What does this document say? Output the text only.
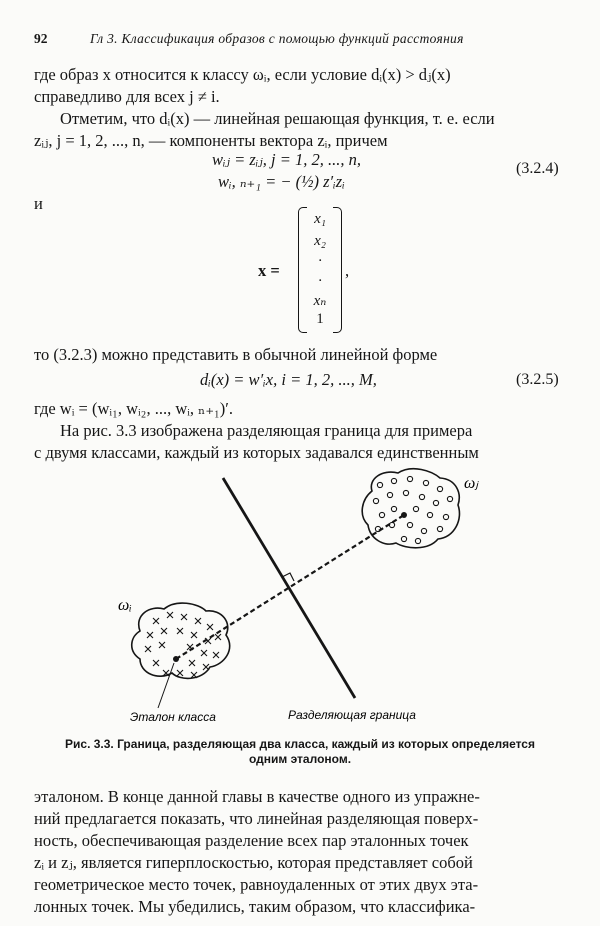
92	Гл 3. Классификация образов с помощью функций расстояния
где образ x относится к классу ωᵢ, если условие dᵢ(x) > dⱼ(x)
справедливо для всех j ≠ i.
Отметим, что dᵢ(x) — линейная решающая функция, т. е. если
zᵢⱼ, j = 1, 2, ..., n, — компоненты вектора zᵢ, причем
wᵢⱼ = zᵢⱼ, j = 1, 2, ..., n,
wᵢ, ₙ₊₁ = − (½) z′ᵢzᵢ
(3.2.4)
и
x =
x₁
x₂
·
·
xₙ
1
,
то (3.2.3) можно представить в обычной линейной форме
dᵢ(x) = w′ᵢx, i = 1, 2, ..., M,	(3.2.5)
где wᵢ = (wᵢ₁, wᵢ₂, ..., wᵢ, ₙ₊₁)′.
На рис. 3.3 изображена разделяющая граница для примера
с двумя классами, каждый из которых задавался единственным
ωⱼ
ωᵢ
Эталон класса	Разделяющая граница
Рис. 3.3. Граница, разделяющая два класса, каждый из которых определяется
одним эталоном.
эталоном. В конце данной главы в качестве одного из упражне-
ний предлагается показать, что линейная разделяющая поверх-
ность, обеспечивающая разделение всех пар эталонных точек
zᵢ и zⱼ, является гиперплоскостью, которая представляет собой
геометрическое место точек, равноудаленных от этих двух эта-
лонных точек. Мы убедились, таким образом, что классифика-
